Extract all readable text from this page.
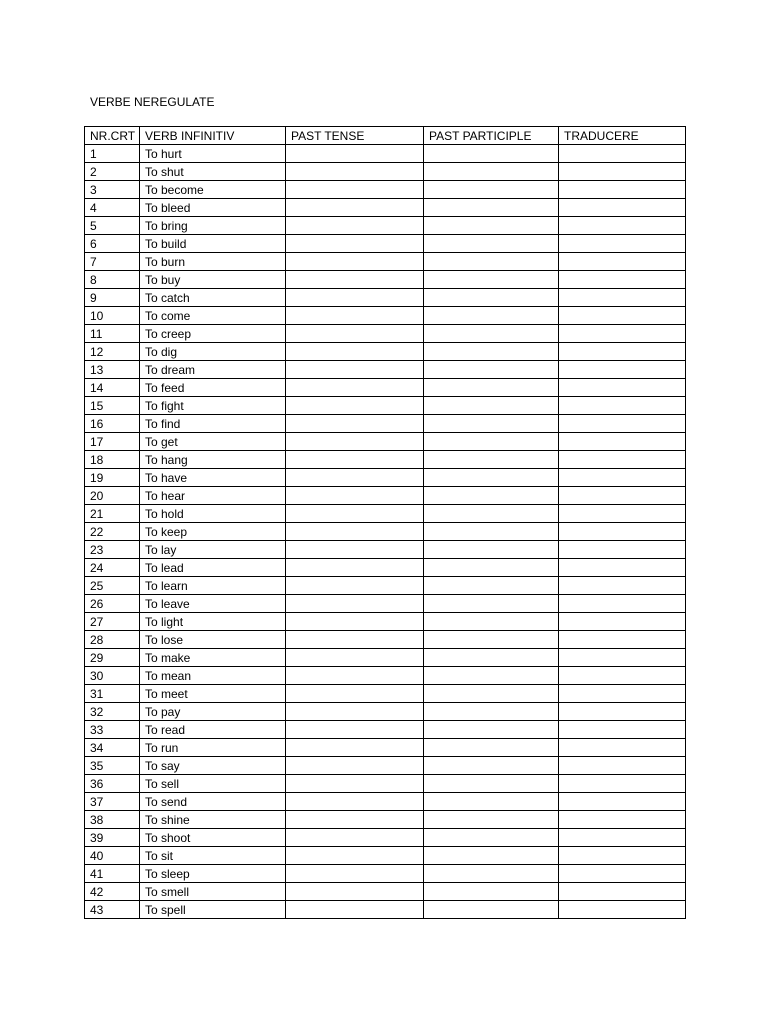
VERBE NEREGULATE
NR.CRT	VERB INFINITIV	PAST TENSE	PAST PARTICIPLE	TRADUCERE
1	To hurt			
2	To shut			
3	To become			
4	To bleed			
5	To bring			
6	To build			
7	To burn			
8	To buy			
9	To catch			
10	To come			
11	To creep			
12	To dig			
13	To dream			
14	To feed			
15	To fight			
16	To find			
17	To get			
18	To hang			
19	To have			
20	To hear			
21	To hold			
22	To keep			
23	To lay			
24	To lead			
25	To learn			
26	To leave			
27	To light			
28	To lose			
29	To make			
30	To mean			
31	To meet			
32	To pay			
33	To read			
34	To run			
35	To say			
36	To sell			
37	To send			
38	To shine			
39	To shoot			
40	To sit			
41	To sleep			
42	To smell			
43	To spell			
